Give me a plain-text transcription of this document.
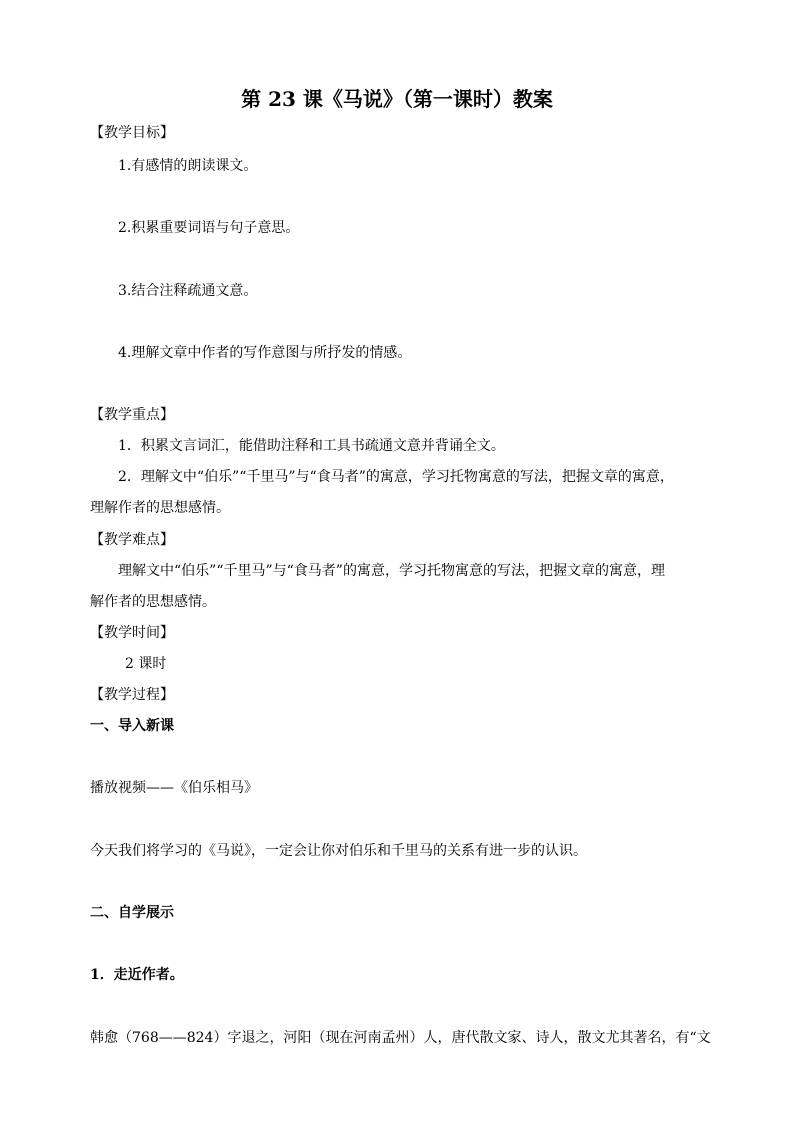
第 23 课《马说》（第一课时）教案
【教学目标】
1.有感情的朗读课文。
2.积累重要词语与句子意思。
3.结合注释疏通文意。
4.理解文章中作者的写作意图与所抒发的情感。
【教学重点】
1．积累文言词汇，能借助注释和工具书疏通文意并背诵全文。
2．理解文中“伯乐”“千里马”与“食马者”的寓意，学习托物寓意的写法，把握文章的寓意，
理解作者的思想感情。
【教学难点】
理解文中“伯乐”“千里马”与“食马者”的寓意，学习托物寓意的写法，把握文章的寓意，理
解作者的思想感情。
【教学时间】
2 课时
【教学过程】
一、导入新课
播放视频——《伯乐相马》
今天我们将学习的《马说》，一定会让你对伯乐和千里马的关系有进一步的认识。
二、自学展示
1．走近作者。
韩愈（768——824）字退之，河阳（现在河南孟州）人，唐代散文家、诗人，散文尤其著名，有“文
